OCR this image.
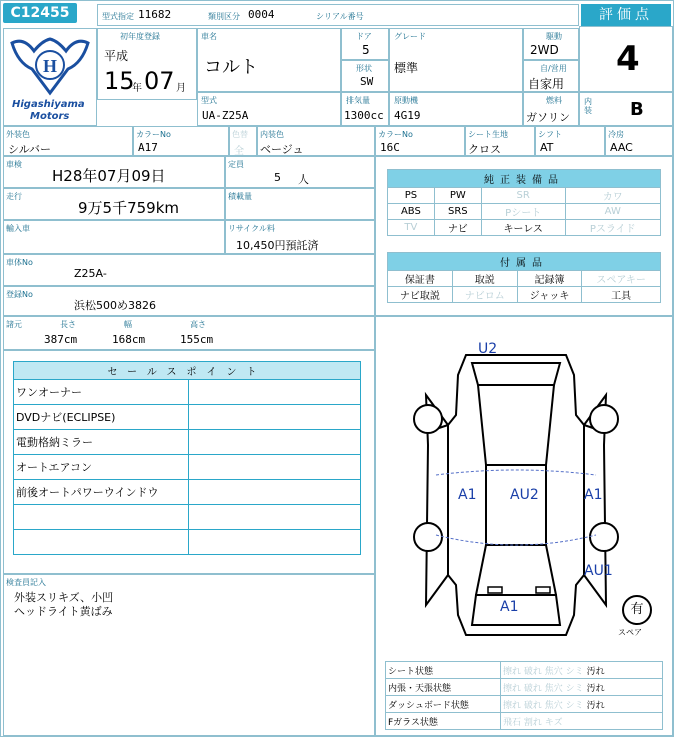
C12455	型式指定 11682	類別区分 0004	シリアル番号	評価点
H
Higashiyama
Motors
初年度登録
平成
15
年 07 月
車名
コルト
ドア
5
形状
SW
グレード
標準
駆動
2WD
自/営用
自家用
4
型式
UA-Z25A
排気量
1300cc
原動機
4G19
燃料
ガソリン
内装 B
外装色
シルバー
カラーNo
A17
色替
全
内装色
ベージュ
カラーNo
16C
シート生地
クロス
シフト
AT
冷房
AAC
車検
H28年07月09日
定員
5 人
走行
9万5千759km
積載量
輸入車	リサイクル料
10,450円預託済
車体No
Z25A-
登録No
浜松500め3826
諸元	長さ	幅	高さ
387cm	168cm	155cm
純正装備品			
PS	PW	SR	カワ
ABS	SRS	Pシート	AW
TV	ナビ	キーレス	Pスライド
付属品			
保証書	取説	記録簿	スペアキー
ナビ取説	ナビロム	ジャッキ	工具
セールスポイント	
ワンオーナー	
DVDナビ(ECLIPSE)	
電動格納ミラー	
オートエアコン	
前後オートパワーウインドウ	

検査員記入
外装スリキズ、小凹
ヘッドライト黄ばみ
U2
A1 AU2	A1
AU1
A1	有
スペア
シート状態	擦れ 破れ 焦穴 シミ 汚れ
内張・天張状態	擦れ 破れ 焦穴 シミ 汚れ
ダッシュボード状態	擦れ 破れ 焦穴 シミ 汚れ
Fガラス状態	飛石 割れ キズ
